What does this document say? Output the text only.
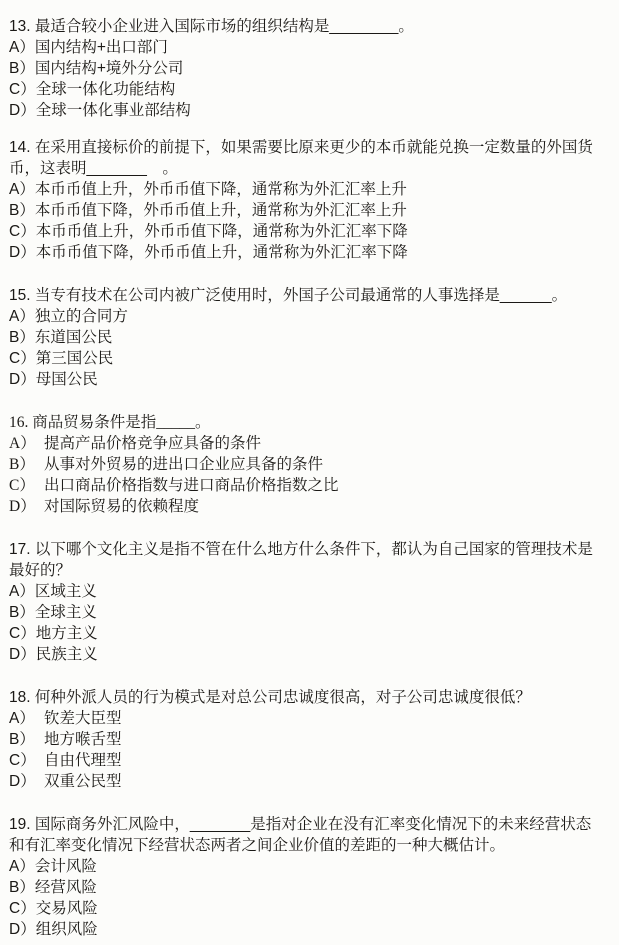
13. 最适合较小企业进入国际市场的组织结构是________。
A） 国内结构+出口部门
B） 国内结构+境外分公司
C） 全球一体化功能结构
D） 全球一体化事业部结构
14. 在采用直接标价的前提下，如果需要比原来更少的本币就能兑换一定数量的外国货
币，这表明_______　。
A） 本币币值上升，外币币值下降，通常称为外汇汇率上升
B） 本币币值下降，外币币值上升，通常称为外汇汇率上升
C） 本币币值上升，外币币值下降，通常称为外汇汇率下降
D） 本币币值下降，外币币值上升，通常称为外汇汇率下降
15. 当专有技术在公司内被广泛使用时，外国子公司最通常的人事选择是______。
A） 独立的合同方
B） 东道国公民
C） 第三国公民
D） 母国公民
16. 商品贸易条件是指_____。
A） 提高产品价格竞争应具备的条件
B） 从事对外贸易的进出口企业应具备的条件
C） 出口商品价格指数与进口商品价格指数之比
D） 对国际贸易的依赖程度
17. 以下哪个文化主义是指不管在什么地方什么条件下，都认为自己国家的管理技术是
最好的？
A） 区域主义
B） 全球主义
C） 地方主义
D） 民族主义
18. 何种外派人员的行为模式是对总公司忠诚度很高，对子公司忠诚度很低？
A） 钦差大臣型
B） 地方喉舌型
C） 自由代理型
D） 双重公民型
19. 国际商务外汇风险中，_______是指对企业在没有汇率变化情况下的未来经营状态
和有汇率变化情况下经营状态两者之间企业价值的差距的一种大概估计。
A） 会计风险
B） 经营风险
C） 交易风险
D） 组织风险
